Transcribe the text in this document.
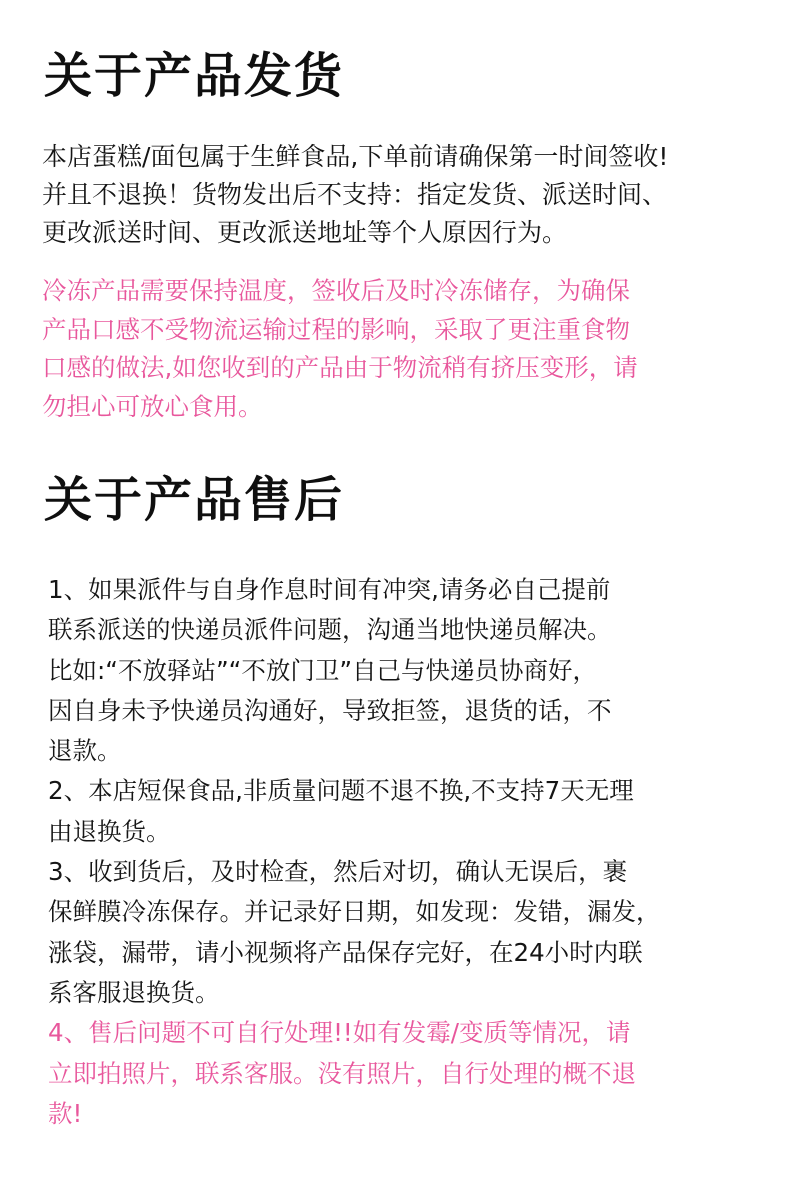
关于产品发货

本店蛋糕/面包属于生鲜食品,下单前请确保第一时间签收!
并且不退换！货物发出后不支持：指定发货、派送时间、
更改派送时间、更改派送地址等个人原因行为。

冷冻产品需要保持温度，签收后及时冷冻储存，为确保
产品口感不受物流运输过程的影响，采取了更注重食物
口感的做法,如您收到的产品由于物流稍有挤压变形，请
勿担心可放心食用。

关于产品售后

1、如果派件与自身作息时间有冲突,请务必自己提前
联系派送的快递员派件问题，沟通当地快递员解决。
比如:“不放驿站”“不放门卫”自己与快递员协商好，
因自身未予快递员沟通好，导致拒签，退货的话，不
退款。
2、本店短保食品,非质量问题不退不换,不支持7天无理
由退换货。
3、收到货后，及时检查，然后对切，确认无误后，裹
保鲜膜冷冻保存。并记录好日期，如发现：发错，漏发，
涨袋，漏带，请小视频将产品保存完好，在24小时内联
系客服退换货。
4、售后问题不可自行处理!!如有发霉/变质等情况，请
立即拍照片，联系客服。没有照片，自行处理的概不退
款!
